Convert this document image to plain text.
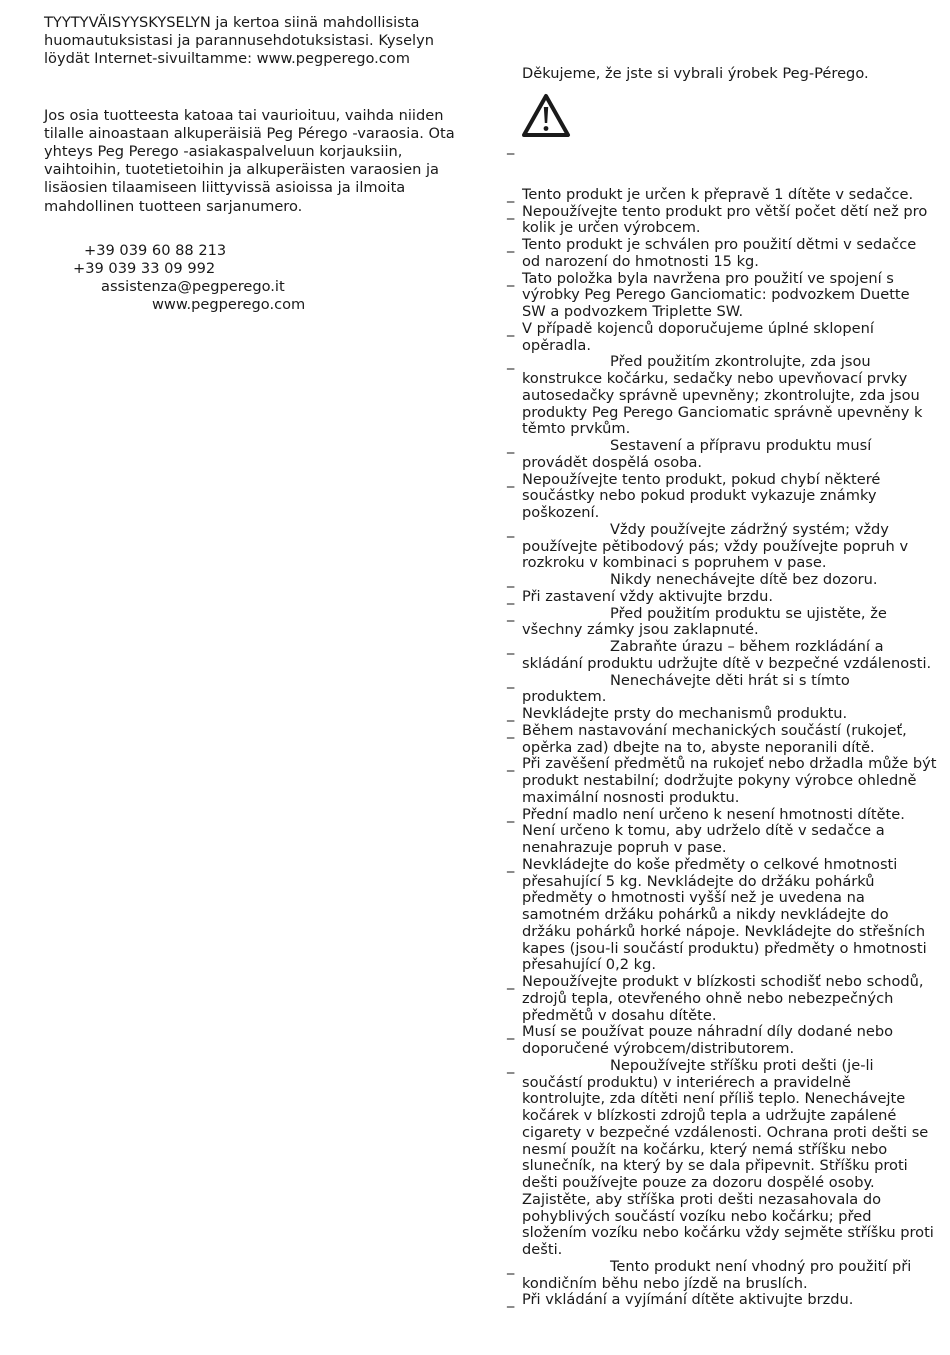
TYYTYVÄISYYSKYSELYN ja kertoa siinä mahdollisista huomautuksistasi ja parannusehdotuksistasi. Kyselyn löydät Internet-sivuiltamme: www.pegperego.com

Jos osia tuotteesta katoaa tai vaurioituu, vaihda niiden tilalle ainoastaan alkuperäisiä Peg Pérego -varaosia. Ota yhteys Peg Perego -asiakaspalveluun korjauksiin, vaihtoihin, tuotetietoihin ja alkuperäisten varaosien ja lisäosien tilaamiseen liittyvissä asioissa ja ilmoita mahdollinen tuotteen sarjanumero.

+39 039 60 88 213
+39 039 33 09 992
assistenza@pegperego.it
www.pegperego.com

Děkujeme, že jste si vybrali ýrobek Peg-Pérego.

_
_ Tento produkt je určen k přepravě 1 dítěte v sedačce.
_ Nepoužívejte tento produkt pro větší počet dětí než pro kolik je určen výrobcem.
_ Tento produkt je schválen pro použití dětmi v sedačce od narození do hmotnosti 15 kg.
_ Tato položka byla navržena pro použití ve spojení s výrobky Peg Perego Ganciomatic: podvozkem Duette SW a podvozkem Triplette SW.
_ V případě kojenců doporučujeme úplné sklopení opěradla.
_	Před použitím zkontrolujte, zda jsou konstrukce kočárku, sedačky nebo upevňovací prvky autosedačky správně upevněny; zkontrolujte, zda jsou produkty Peg Perego Ganciomatic správně upevněny k těmto prvkům.
_	Sestavení a přípravu produktu musí provádět dospělá osoba.
_ Nepoužívejte tento produkt, pokud chybí některé součástky nebo pokud produkt vykazuje známky poškození.
_	Vždy používejte zádržný systém; vždy používejte pětibodový pás; vždy používejte popruh v rozkroku v kombinaci s popruhem v pase.
_	Nikdy nenechávejte dítě bez dozoru.
_ Při zastavení vždy aktivujte brzdu.
_	Před použitím produktu se ujistěte, že všechny zámky jsou zaklapnuté.
_	Zabraňte úrazu – během rozkládání a skládání produktu udržujte dítě v bezpečné vzdálenosti.
_	Nenechávejte děti hrát si s tímto produktem.
_ Nevkládejte prsty do mechanismů produktu.
_ Během nastavování mechanických součástí (rukojeť, opěrka zad) dbejte na to, abyste neporanili dítě.
_ Při zavěšení předmětů na rukojeť nebo držadla může být produkt nestabilní; dodržujte pokyny výrobce ohledně maximální nosnosti produktu.
_ Přední madlo není určeno k nesení hmotnosti dítěte. Není určeno k tomu, aby udrželo dítě v sedačce a nenahrazuje popruh v pase.
_ Nevkládejte do koše předměty o celkové hmotnosti přesahující 5 kg. Nevkládejte do držáku pohárků předměty o hmotnosti vyšší než je uvedena na samotném držáku pohárků a nikdy nevkládejte do držáku pohárků horké nápoje. Nevkládejte do střešních kapes (jsou-li součástí produktu) předměty o hmotnosti přesahující 0,2 kg.
_ Nepoužívejte produkt v blízkosti schodišť nebo schodů, zdrojů tepla, otevřeného ohně nebo nebezpečných předmětů v dosahu dítěte.
_ Musí se používat pouze náhradní díly dodané nebo doporučené výrobcem/distributorem.
_	Nepoužívejte stříšku proti dešti (je-li součástí produktu) v interiérech a pravidelně kontrolujte, zda dítěti není příliš teplo. Nenechávejte kočárek v blízkosti zdrojů tepla a udržujte zapálené cigarety v bezpečné vzdálenosti. Ochrana proti dešti se nesmí použít na kočárku, který nemá stříšku nebo slunečník, na který by se dala připevnit. Stříšku proti dešti používejte pouze za dozoru dospělé osoby. Zajistěte, aby stříška proti dešti nezasahovala do pohyblivých součástí vozíku nebo kočárku; před složením vozíku nebo kočárku vždy sejměte stříšku proti dešti.
_	Tento produkt není vhodný pro použití při kondičním běhu nebo jízdě na bruslích.
_ Při vkládání a vyjímání dítěte aktivujte brzdu.
